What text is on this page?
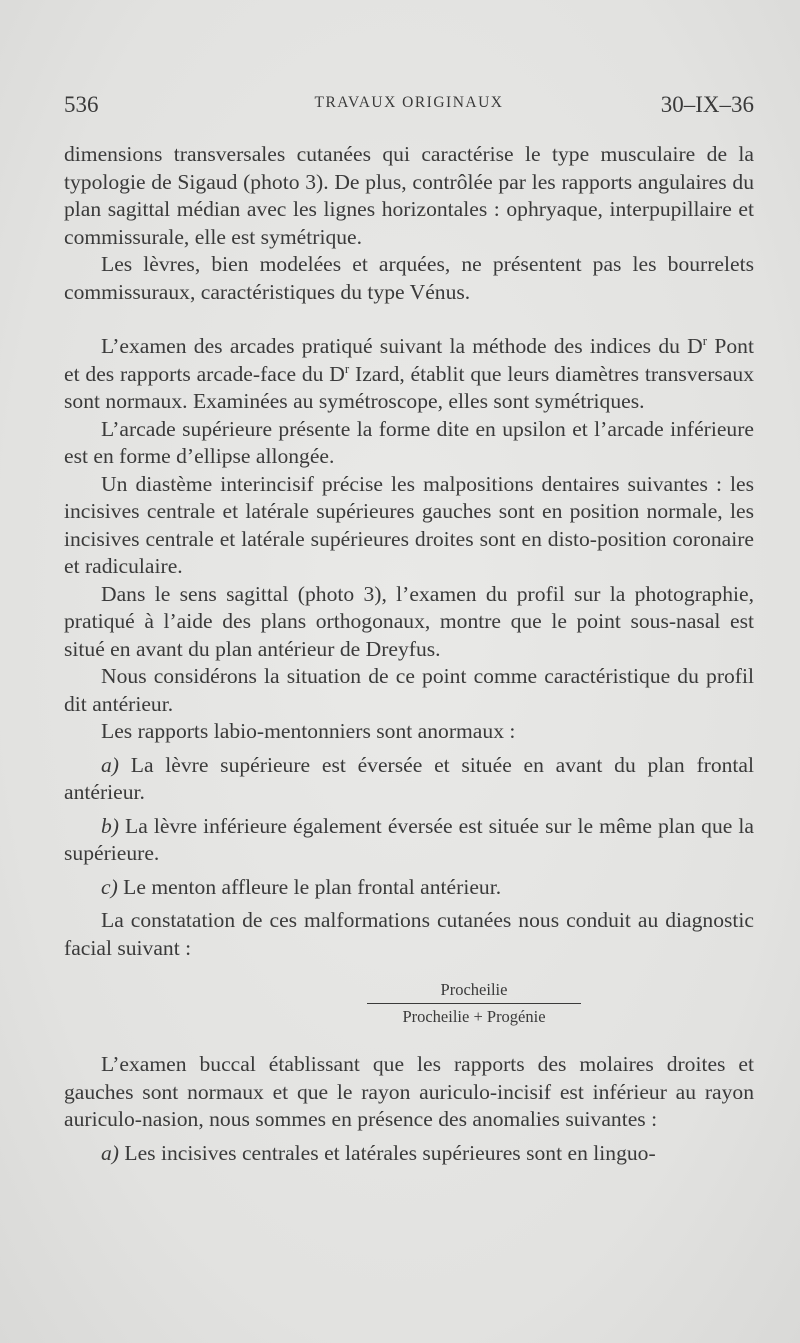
536	TRAVAUX ORIGINAUX	30–IX–36

dimensions transversales cutanées qui caractérise le type musculaire de la typologie de Sigaud (photo 3). De plus, contrôlée par les rapports angulaires du plan sagittal médian avec les lignes horizontales : ophryaque, interpupillaire et commissurale, elle est symétrique.

Les lèvres, bien modelées et arquées, ne présentent pas les bourrelets commissuraux, caractéristiques du type Vénus.

L’examen des arcades pratiqué suivant la méthode des indices du $D^r$ Pont et des rapports arcade-face du $D^r$ Izard, établit que leurs diamètres transversaux sont normaux. Examinées au symétroscope, elles sont symétriques.

L’arcade supérieure présente la forme dite en upsilon et l’arcade inférieure est en forme d’ellipse allongée.

Un diastème interincisif précise les malpositions dentaires suivantes : les incisives centrale et latérale supérieures gauches sont en position normale, les incisives centrale et latérale supérieures droites sont en disto-position coronaire et radiculaire.

Dans le sens sagittal (photo 3), l’examen du profil sur la photographie, pratiqué à l’aide des plans orthogonaux, montre que le point sous-nasal est situé en avant du plan antérieur de Dreyfus.

Nous considérons la situation de ce point comme caractéristique du profil dit antérieur.

Les rapports labio-mentonniers sont anormaux :

a) La lèvre supérieure est éversée et située en avant du plan frontal antérieur.

b) La lèvre inférieure également éversée est située sur le même plan que la supérieure.

c) Le menton affleure le plan frontal antérieur.

La constatation de ces malformations cutanées nous conduit au diagnostic facial suivant :

Procheilie
Procheilie + Progénie

L’examen buccal établissant que les rapports des molaires droites et gauches sont normaux et que le rayon auriculo-incisif est inférieur au rayon auriculo-nasion, nous sommes en présence des anomalies suivantes :

a) Les incisives centrales et latérales supérieures sont en linguo-
